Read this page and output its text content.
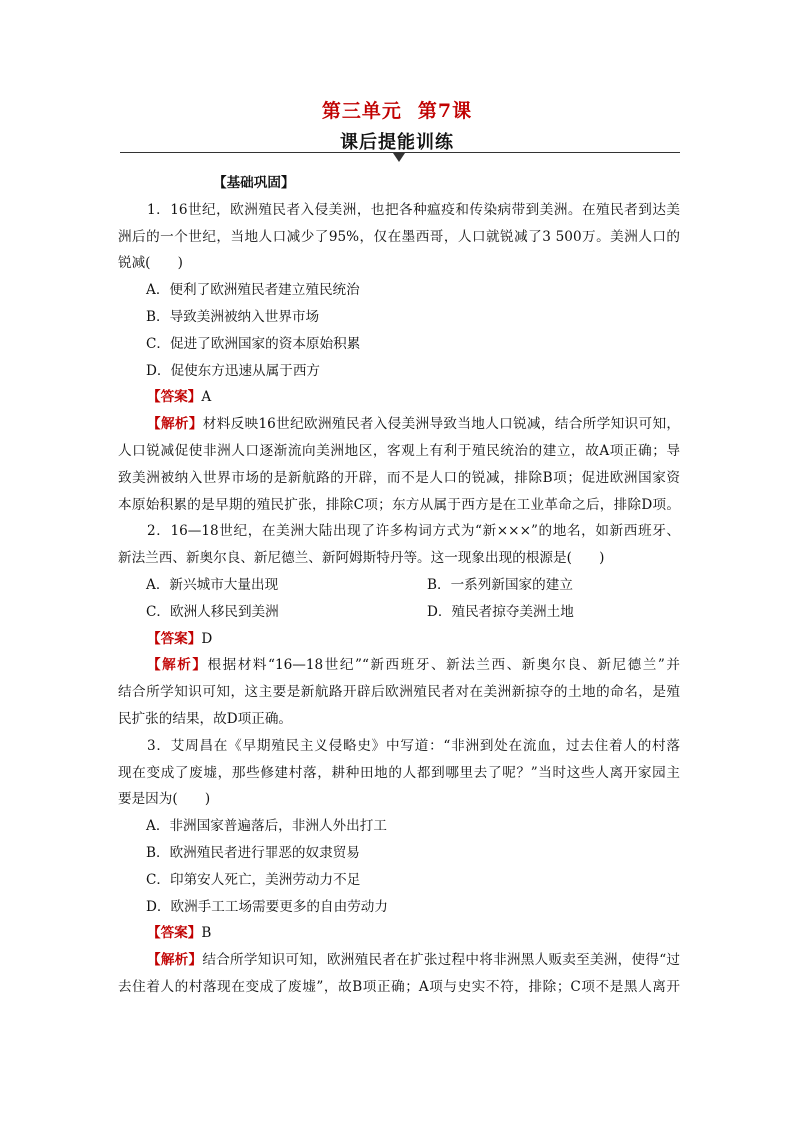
第三单元 第7课
课后提能训练
【基础巩固】
1．16世纪，欧洲殖民者入侵美洲，也把各种瘟疫和传染病带到美洲。在殖民者到达美
洲后的一个世纪，当地人口减少了95%，仅在墨西哥，人口就锐减了3 500万。美洲人口的
锐减(　　)
A．便利了欧洲殖民者建立殖民统治
B．导致美洲被纳入世界市场
C．促进了欧洲国家的资本原始积累
D．促使东方迅速从属于西方
【答案】A
【解析】材料反映16世纪欧洲殖民者入侵美洲导致当地人口锐减，结合所学知识可知，
人口锐减促使非洲人口逐渐流向美洲地区，客观上有利于殖民统治的建立，故A项正确；导
致美洲被纳入世界市场的是新航路的开辟，而不是人口的锐减，排除B项；促进欧洲国家资
本原始积累的是早期的殖民扩张，排除C项；东方从属于西方是在工业革命之后，排除D项。
2．16—18世纪，在美洲大陆出现了许多构词方式为“新×××”的地名，如新西班牙、
新法兰西、新奥尔良、新尼德兰、新阿姆斯特丹等。这一现象出现的根源是(　　)
A．新兴城市大量出现	B．一系列新国家的建立
C．欧洲人移民到美洲	D．殖民者掠夺美洲土地
【答案】D
【解析】根据材料“16—18世纪”“新西班牙、新法兰西、新奥尔良、新尼德兰”并
结合所学知识可知，这主要是新航路开辟后欧洲殖民者对在美洲新掠夺的土地的命名，是殖
民扩张的结果，故D项正确。
3．艾周昌在《早期殖民主义侵略史》中写道：“非洲到处在流血，过去住着人的村落
现在变成了废墟，那些修建村落，耕种田地的人都到哪里去了呢？”当时这些人离开家园主
要是因为(　　)
A．非洲国家普遍落后，非洲人外出打工
B．欧洲殖民者进行罪恶的奴隶贸易
C．印第安人死亡，美洲劳动力不足
D．欧洲手工工场需要更多的自由劳动力
【答案】B
【解析】结合所学知识可知，欧洲殖民者在扩张过程中将非洲黑人贩卖至美洲，使得“过
去住着人的村落现在变成了废墟”，故B项正确；A项与史实不符，排除；C项不是黑人离开
